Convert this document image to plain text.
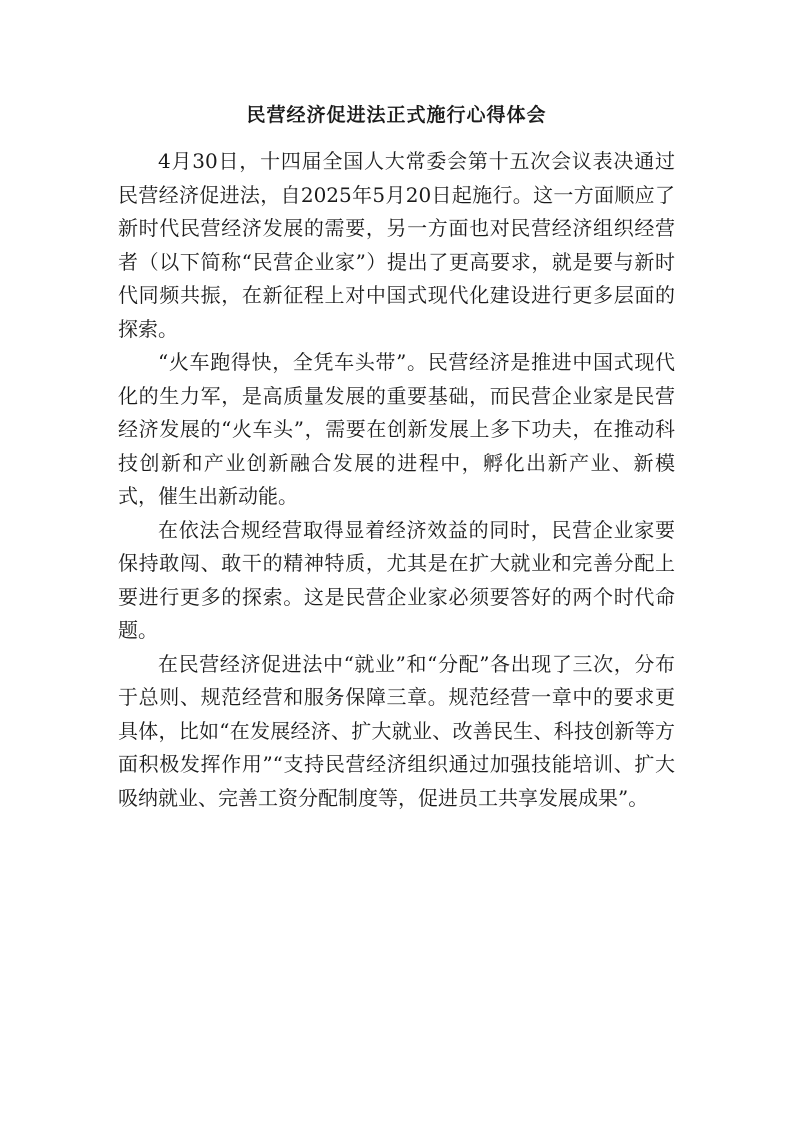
民营经济促进法正式施行心得体会

4月30日，十四届全国人大常委会第十五次会议表决通过民营经济促进法，自2025年5月20日起施行。这一方面顺应了新时代民营经济发展的需要，另一方面也对民营经济组织经营者（以下简称“民营企业家”）提出了更高要求，就是要与新时代同频共振，在新征程上对中国式现代化建设进行更多层面的探索。

“火车跑得快，全凭车头带”。民营经济是推进中国式现代化的生力军，是高质量发展的重要基础，而民营企业家是民营经济发展的“火车头”，需要在创新发展上多下功夫，在推动科技创新和产业创新融合发展的进程中，孵化出新产业、新模式，催生出新动能。

在依法合规经营取得显着经济效益的同时，民营企业家要保持敢闯、敢干的精神特质，尤其是在扩大就业和完善分配上要进行更多的探索。这是民营企业家必须要答好的两个时代命题。

在民营经济促进法中“就业”和“分配”各出现了三次，分布于总则、规范经营和服务保障三章。规范经营一章中的要求更具体，比如“在发展经济、扩大就业、改善民生、科技创新等方面积极发挥作用”“支持民营经济组织通过加强技能培训、扩大吸纳就业、完善工资分配制度等，促进员工共享发展成果”。
